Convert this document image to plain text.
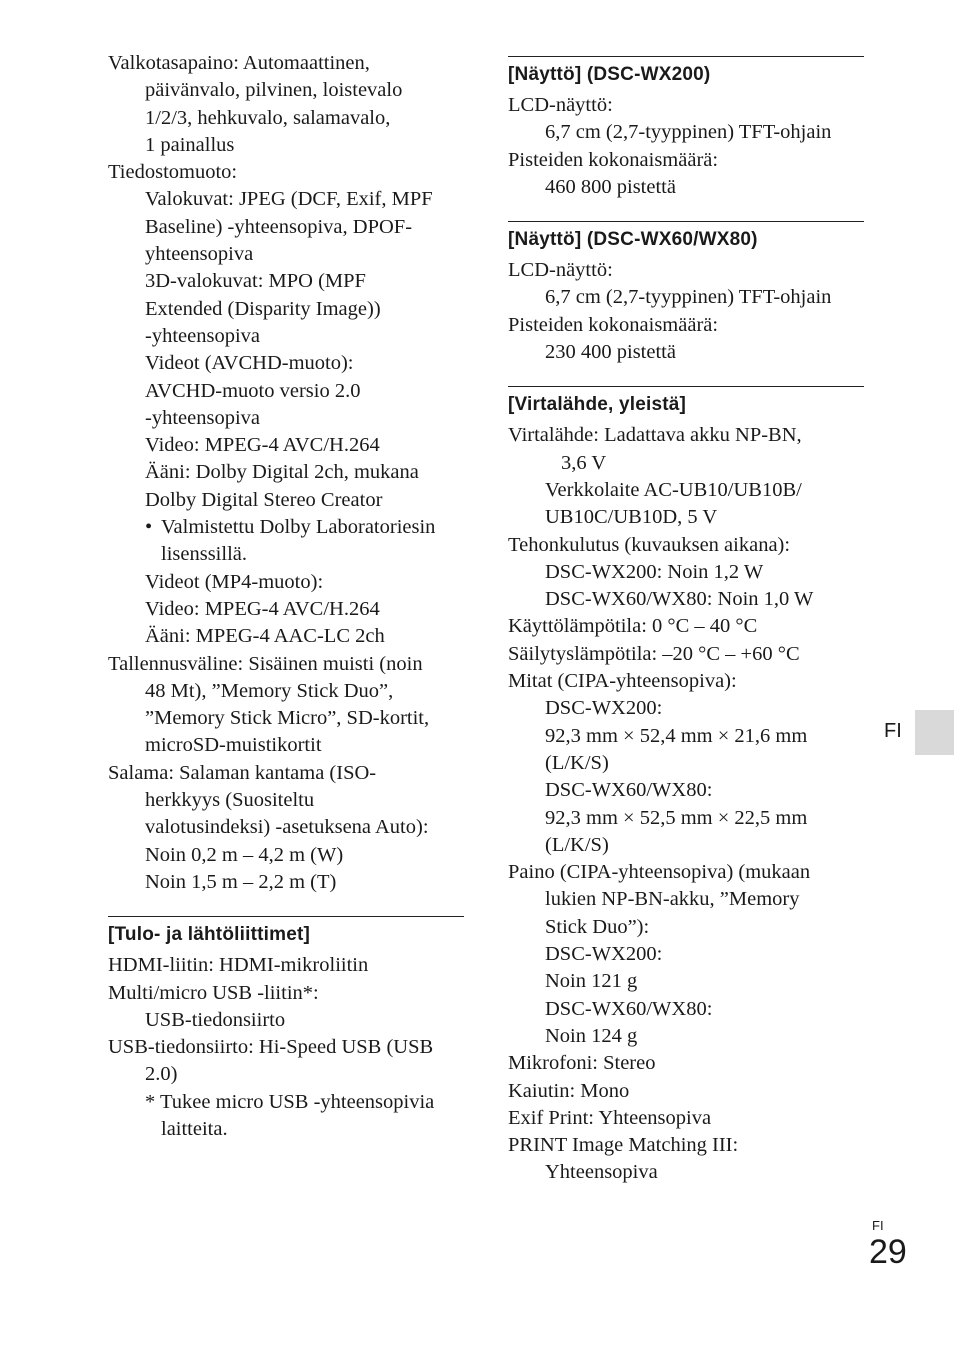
Valkotasapaino: Automaattinen,
päivänvalo, pilvinen, loistevalo
1/2/3, hehkuvalo, salamavalo,
1 painallus
Tiedostomuoto:
Valokuvat: JPEG (DCF, Exif, MPF
Baseline) -yhteensopiva, DPOF-
yhteensopiva
3D-valokuvat: MPO (MPF
Extended (Disparity Image))
-yhteensopiva
Videot (AVCHD-muoto):
AVCHD-muoto versio 2.0
-yhteensopiva
Video: MPEG-4 AVC/H.264
Ääni: Dolby Digital 2ch, mukana
Dolby Digital Stereo Creator
• Valmistettu Dolby Laboratoriesin
lisenssillä.
Videot (MP4-muoto):
Video: MPEG-4 AVC/H.264
Ääni: MPEG-4 AAC-LC 2ch
Tallennusväline: Sisäinen muisti (noin
48 Mt), ”Memory Stick Duo”,
”Memory Stick Micro”, SD-kortit,
microSD-muistikortit
Salama: Salaman kantama (ISO-
herkkyys (Suositeltu
valotusindeksi) -asetuksena Auto):
Noin 0,2 m – 4,2 m (W)
Noin 1,5 m – 2,2 m (T)
[Tulo- ja lähtöliittimet]
HDMI-liitin: HDMI-mikroliitin
Multi/micro USB -liitin*:
USB-tiedonsiirto
USB-tiedonsiirto: Hi-Speed USB (USB
2.0)
* Tukee micro USB -yhteensopivia
laitteita.
[Näyttö] (DSC-WX200)
LCD-näyttö:
6,7 cm (2,7-tyyppinen) TFT-ohjain
Pisteiden kokonaismäärä:
460 800 pistettä
[Näyttö] (DSC-WX60/WX80)
LCD-näyttö:
6,7 cm (2,7-tyyppinen) TFT-ohjain
Pisteiden kokonaismäärä:
230 400 pistettä
[Virtalähde, yleistä]
Virtalähde: Ladattava akku NP-BN,
3,6 V
Verkkolaite AC-UB10/UB10B/
UB10C/UB10D, 5 V
Tehonkulutus (kuvauksen aikana):
DSC-WX200: Noin 1,2 W
DSC-WX60/WX80: Noin 1,0 W
Käyttölämpötila: 0 °C – 40 °C
Säilytyslämpötila: –20 °C – +60 °C
Mitat (CIPA-yhteensopiva):
DSC-WX200:
92,3 mm × 52,4 mm × 21,6 mm
(L/K/S)
DSC-WX60/WX80:
92,3 mm × 52,5 mm × 22,5 mm
(L/K/S)
Paino (CIPA-yhteensopiva) (mukaan
lukien NP-BN-akku, ”Memory
Stick Duo”):
DSC-WX200:
Noin 121 g
DSC-WX60/WX80:
Noin 124 g
Mikrofoni: Stereo
Kaiutin: Mono
Exif Print: Yhteensopiva
PRINT Image Matching III:
Yhteensopiva
FI
FI
29
